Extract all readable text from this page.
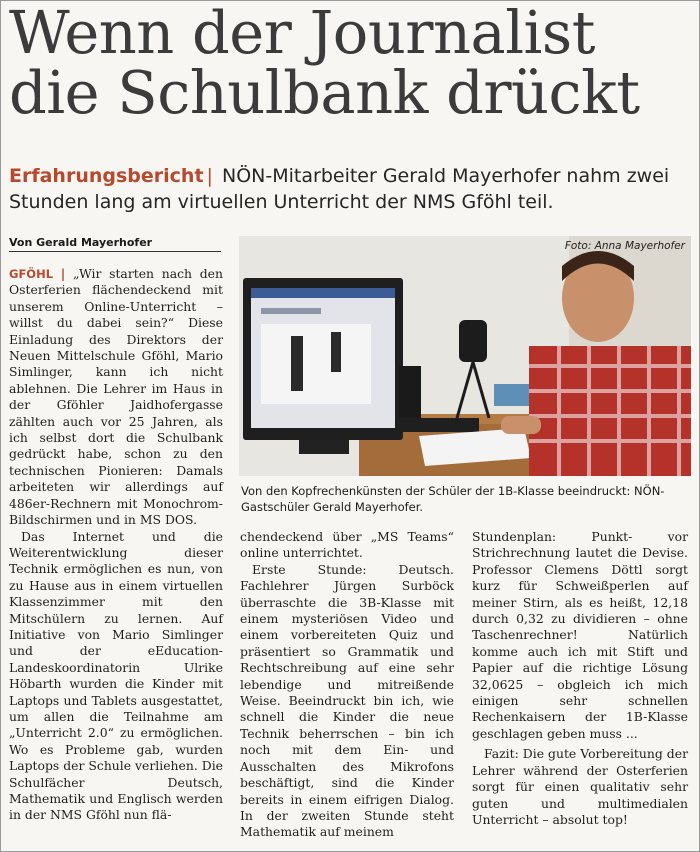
Wenn der Journalist
die Schulbank drückt
Erfahrungsbericht | NÖN-Mitarbeiter Gerald Mayerhofer nahm zwei Stunden lang am virtuellen Unterricht der NMS Gföhl teil.
Von Gerald Mayerhofer

GFÖHL | „Wir starten nach den Osterferien flächendeckend mit unserem Online-Unterricht – willst du dabei sein?“ Diese Einladung des Direktors der Neuen Mittelschule Gföhl, Mario Simlinger, kann ich nicht ablehnen. Die Lehrer im Haus in der Gföhler Jaidhofergasse zählten auch vor 25 Jahren, als ich selbst dort die Schulbank gedrückt habe, schon zu den technischen Pionieren: Damals arbeiteten wir allerdings auf 486er-Rechnern mit Monochrom-Bildschirmen und in MS DOS.

Das Internet und die Weiterentwicklung dieser Technik ermöglichen es nun, von zu Hause aus in einem virtuellen Klassenzimmer mit den Mitschülern zu lernen. Auf Initiative von Mario Simlinger und der eEducation-Landeskoordinatorin Ulrike Höbarth wurden die Kinder mit Laptops und Tablets ausgestattet, um allen die Teilnahme am „Unterricht 2.0“ zu ermöglichen. Wo es Probleme gab, wurden Laptops der Schule verliehen. Die Schulfächer Deutsch, Mathematik und Englisch werden in der NMS Gföhl nun flä-

Foto: Anna Mayerhofer
Von den Kopfrechenkünsten der Schüler der 1B-Klasse beeindruckt: NÖN-Gastschüler Gerald Mayerhofer.

chendeckend über „MS Teams“ online unterrichtet.

Erste Stunde: Deutsch. Fachlehrer Jürgen Surböck überraschte die 3B-Klasse mit einem mysteriösen Video und einem vorbereiteten Quiz und präsentiert so Grammatik und Rechtschreibung auf eine sehr lebendige und mitreißende Weise. Beeindruckt bin ich, wie schnell die Kinder die neue Technik beherrschen – bin ich noch mit dem Ein- und Ausschalten des Mikrofons beschäftigt, sind die Kinder bereits in einem eifrigen Dialog. In der zweiten Stunde steht Mathematik auf meinem

Stundenplan: Punkt- vor Strichrechnung lautet die Devise. Professor Clemens Döttl sorgt kurz für Schweißperlen auf meiner Stirn, als es heißt, 12,18 durch 0,32 zu dividieren – ohne Taschenrechner! Natürlich komme auch ich mit Stift und Papier auf die richtige Lösung 32,0625 – obgleich ich mich einigen sehr schnellen Rechenkaisern der 1B-Klasse geschlagen geben muss ...

Fazit: Die gute Vorbereitung der Lehrer während der Osterferien sorgt für einen qualitativ sehr guten und multimedialen Unterricht – absolut top!
